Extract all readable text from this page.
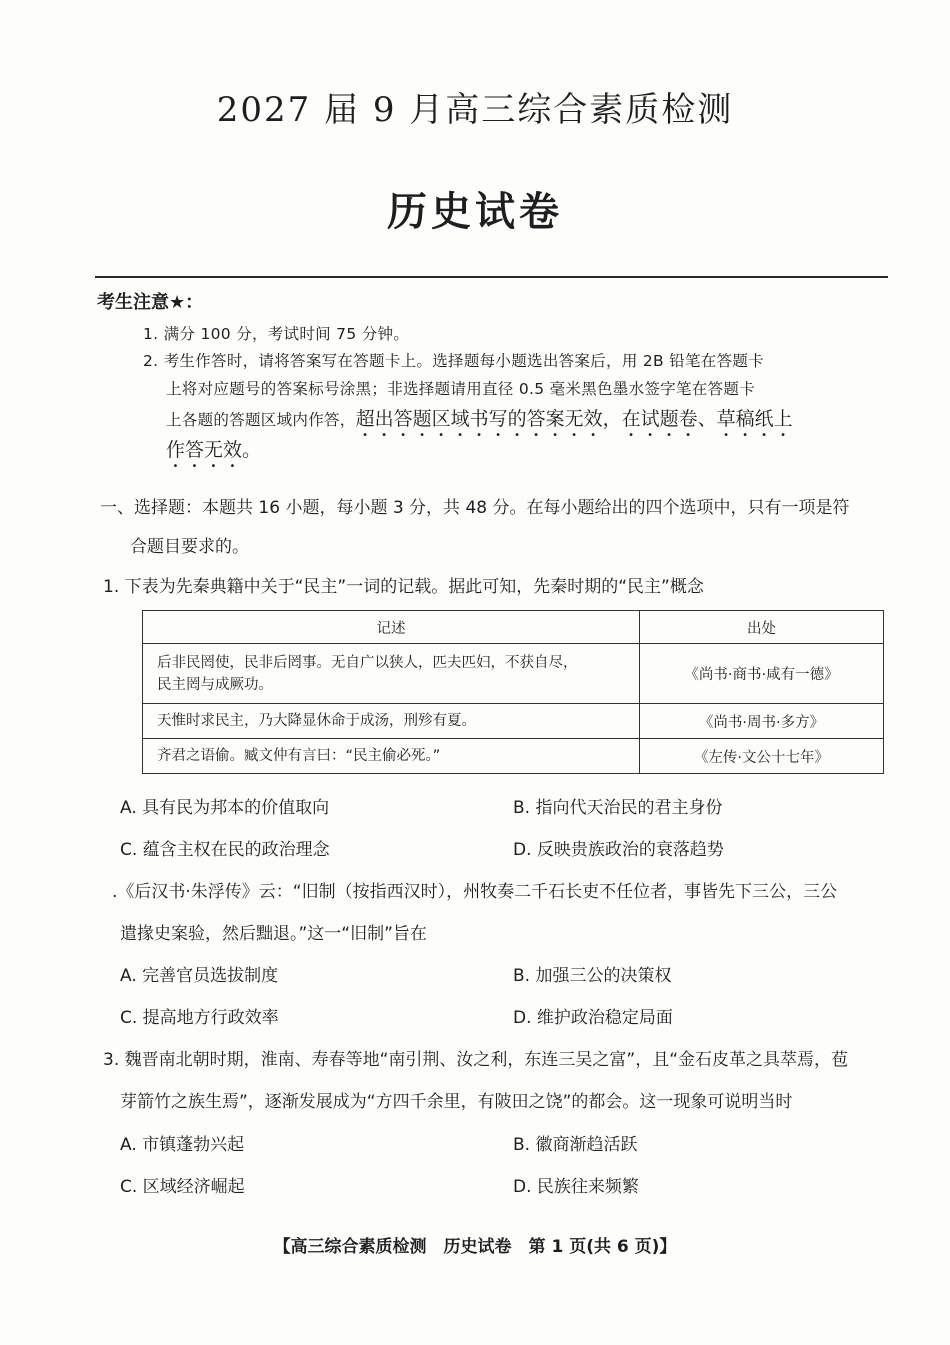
2027 届 9 月高三综合素质检测
历史试卷
考生注意★：
1. 满分 100 分，考试时间 75 分钟。
2. 考生作答时，请将答案写在答题卡上。选择题每小题选出答案后，用 2B 铅笔在答题卡
上将对应题号的答案标号涂黑；非选择题请用直径 0.5 毫米黑色墨水签字笔在答题卡
上各题的答题区域内作答，超出答题区域书写的答案无效，在试题卷、草稿纸上
作答无效。
一、选择题：本题共 16 小题，每小题 3 分，共 48 分。在每小题给出的四个选项中，只有一项是符
合题目要求的。
1. 下表为先秦典籍中关于“民主”一词的记载。据此可知，先秦时期的“民主”概念
记述	出处

后非民罔使，民非后罔事。无自广以狭人，匹夫匹妇，不获自尽，
民主罔与成厥功。	《尚书·商书·咸有一德》
天惟时求民主，乃大降显休命于成汤，刑殄有夏。	《尚书·周书·多方》
齐君之语偷。臧文仲有言曰：“民主偷必死。”	《左传·文公十七年》
A. 具有民为邦本的价值取向	B. 指向代天治民的君主身份
C. 蕴含主权在民的政治理念	D. 反映贵族政治的衰落趋势
.《后汉书·朱浮传》云：“旧制（按指西汉时），州牧奏二千石长吏不任位者，事皆先下三公，三公
遣掾史案验，然后黜退。”这一“旧制”旨在
A. 完善官员选拔制度	B. 加强三公的决策权
C. 提高地方行政效率	D. 维护政治稳定局面
3. 魏晋南北朝时期，淮南、寿春等地“南引荆、汝之利，东连三吴之富”，且“金石皮革之具萃焉，苞
芽箭竹之族生焉”，逐渐发展成为“方四千余里，有陂田之饶”的都会。这一现象可说明当时
A. 市镇蓬勃兴起	B. 徽商渐趋活跃
C. 区域经济崛起	D. 民族往来频繁
【高三综合素质检测　历史试卷　第 1 页(共 6 页)】
